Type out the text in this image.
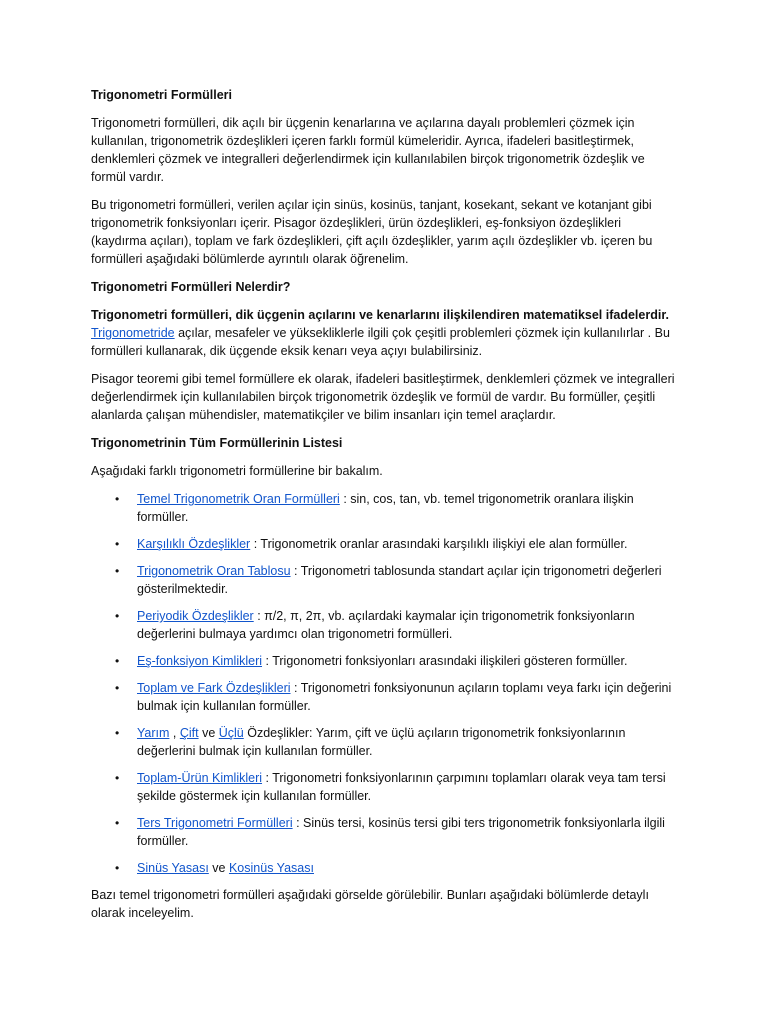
Trigonometri Formülleri

Trigonometri formülleri, dik açılı bir üçgenin kenarlarına ve açılarına dayalı problemleri çözmek için kullanılan, trigonometrik özdeşlikleri içeren farklı formül kümeleridir. Ayrıca, ifadeleri basitleştirmek, denklemleri çözmek ve integralleri değerlendirmek için kullanılabilen birçok trigonometrik özdeşlik ve formül vardır.

Bu trigonometri formülleri, verilen açılar için sinüs, kosinüs, tanjant, kosekant, sekant ve kotanjant gibi trigonometrik fonksiyonları içerir. Pisagor özdeşlikleri, ürün özdeşlikleri, eş-fonksiyon özdeşlikleri (kaydırma açıları), toplam ve fark özdeşlikleri, çift açılı özdeşlikler, yarım açılı özdeşlikler vb. içeren bu formülleri aşağıdaki bölümlerde ayrıntılı olarak öğrenelim.

Trigonometri Formülleri Nelerdir?

Trigonometri formülleri, dik üçgenin açılarını ve kenarlarını ilişkilendiren matematiksel ifadelerdir. Trigonometride açılar, mesafeler ve yüksekliklerle ilgili çok çeşitli problemleri çözmek için kullanılırlar . Bu formülleri kullanarak, dik üçgende eksik kenarı veya açıyı bulabilirsiniz.

Pisagor teoremi gibi temel formüllere ek olarak, ifadeleri basitleştirmek, denklemleri çözmek ve integralleri değerlendirmek için kullanılabilen birçok trigonometrik özdeşlik ve formül de vardır. Bu formüller, çeşitli alanlarda çalışan mühendisler, matematikçiler ve bilim insanları için temel araçlardır.

Trigonometrinin Tüm Formüllerinin Listesi

Aşağıdaki farklı trigonometri formüllerine bir bakalım.

• Temel Trigonometrik Oran Formülleri : sin, cos, tan, vb. temel trigonometrik oranlara ilişkin formüller.
• Karşılıklı Özdeşlikler : Trigonometrik oranlar arasındaki karşılıklı ilişkiyi ele alan formüller.
• Trigonometrik Oran Tablosu : Trigonometri tablosunda standart açılar için trigonometri değerleri gösterilmektedir.
• Periyodik Özdeşlikler : π/2, π, 2π, vb. açılardaki kaymalar için trigonometrik fonksiyonların değerlerini bulmaya yardımcı olan trigonometri formülleri.
• Eş-fonksiyon Kimlikleri : Trigonometri fonksiyonları arasındaki ilişkileri gösteren formüller.
• Toplam ve Fark Özdeşlikleri : Trigonometri fonksiyonunun açıların toplamı veya farkı için değerini bulmak için kullanılan formüller.
• Yarım , Çift ve Üçlü Özdeşlikler: Yarım, çift ve üçlü açıların trigonometrik fonksiyonlarının değerlerini bulmak için kullanılan formüller.
• Toplam-Ürün Kimlikleri : Trigonometri fonksiyonlarının çarpımını toplamları olarak veya tam tersi şekilde göstermek için kullanılan formüller.
• Ters Trigonometri Formülleri : Sinüs tersi, kosinüs tersi gibi ters trigonometrik fonksiyonlarla ilgili formüller.
• Sinüs Yasası ve Kosinüs Yasası

Bazı temel trigonometri formülleri aşağıdaki görselde görülebilir. Bunları aşağıdaki bölümlerde detaylı olarak inceleyelim.
